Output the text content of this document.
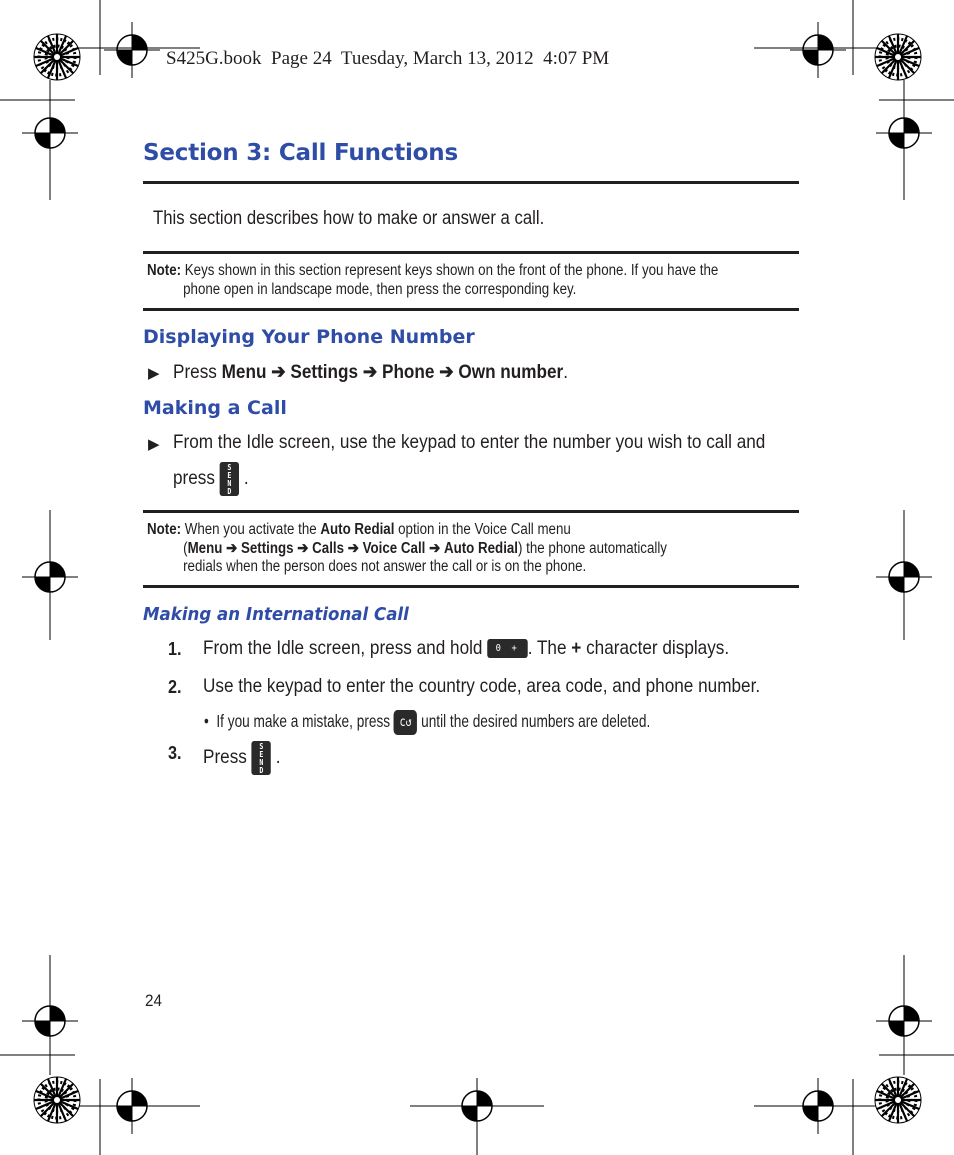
S425G.book  Page 24  Tuesday, March 13, 2012  4:07 PM
Section 3: Call Functions
This section describes how to make or answer a call.
Note: Keys shown in this section represent keys shown on the front of the phone. If you have the
phone open in landscape mode, then press the corresponding key.
Displaying Your Phone Number
▶ Press Menu ➔ Settings ➔ Phone ➔ Own number.
Making a Call
▶ From the Idle screen, use the keypad to enter the number you wish to call and
press	S
E
N
D
.
Note: When you activate the Auto Redial option in the Voice Call menu
(Menu ➔ Settings ➔ Calls ➔ Voice Call ➔ Auto Redial) the phone automatically
redials when the person does not answer the call or is on the phone.
Making an International Call
1. From the Idle screen, press and hold 0 + . The + character displays.
2. Use the keypad to enter the country code, area code, and phone number.
• If you make a mistake, press c↺ until the desired numbers are deleted.
3. Press	S
E
N
D
.
24
